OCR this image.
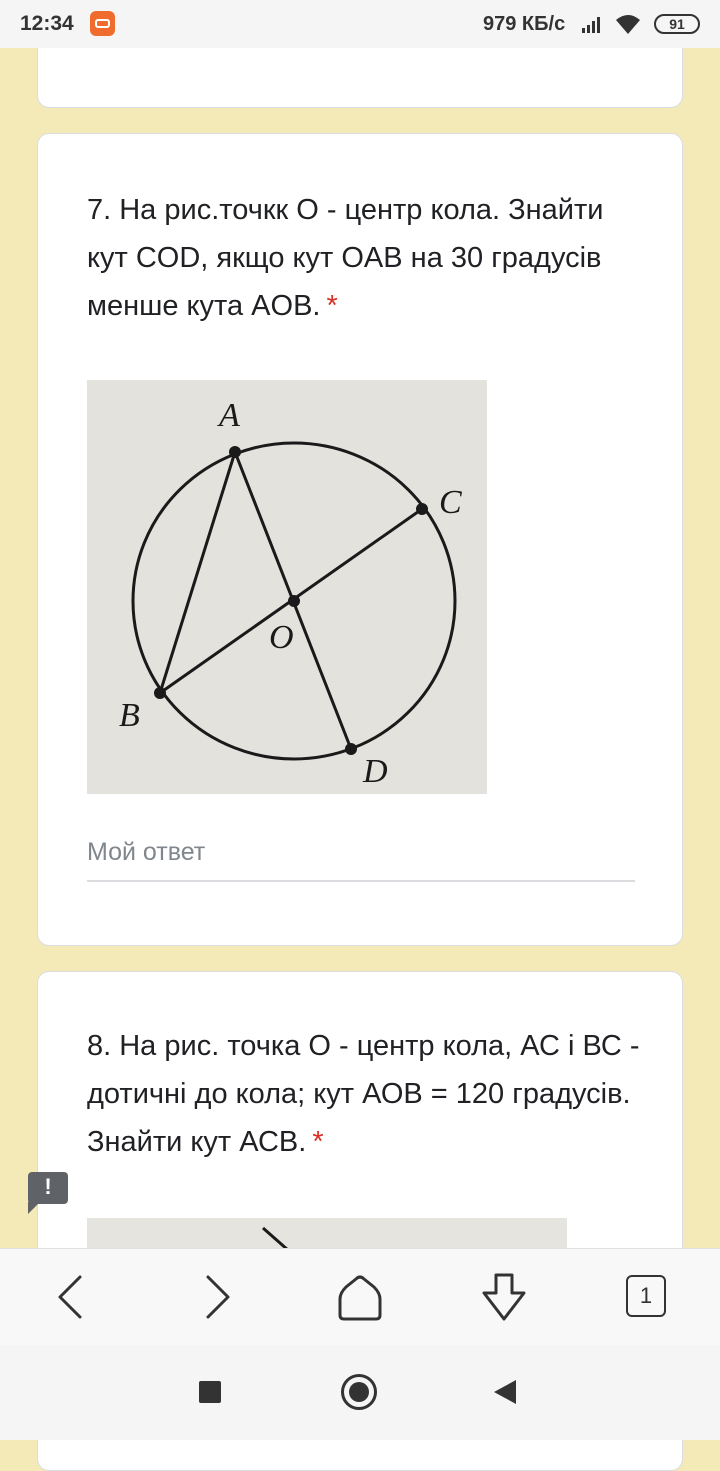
12:34	979 КБ/с	91
7. На рис.точкк О - центр кола. Знайти кут COD, якщо кут OAB на 30 градусів менше кута AOB. *
A
C
O
B
D
Мой ответ
8. На рис. точка О - центр кола, АС і ВС - дотичні до кола; кут АОВ = 120 градусів. Знайти кут АСВ. *
!
1
